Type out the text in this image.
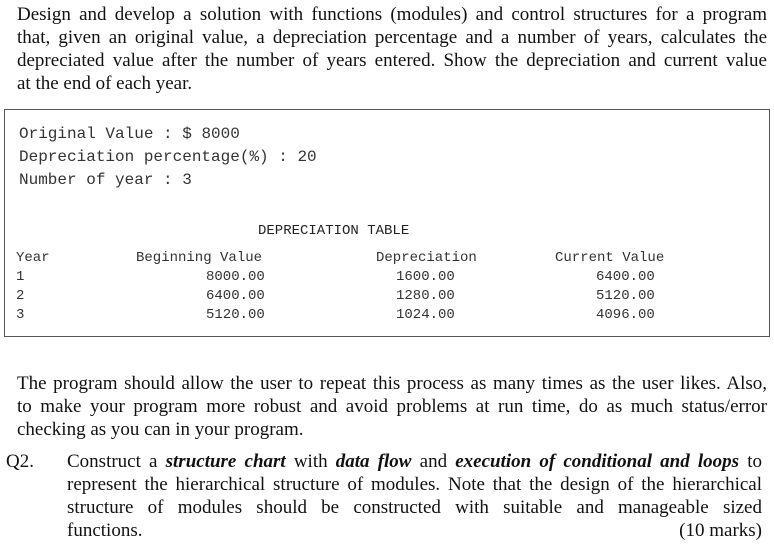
Design and develop a solution with functions (modules) and control structures for a program
that, given an original value, a depreciation percentage and a number of years, calculates the
depreciated value after the number of years entered. Show the depreciation and current value
at the end of each year.
Original Value : $ 8000
Depreciation percentage(%) : 20
Number of year : 3
DEPRECIATION TABLE
Year	Beginning Value	Depreciation	Current Value
1	8000.00	1600.00	6400.00
2	6400.00	1280.00	5120.00
3	5120.00	1024.00	4096.00
The program should allow the user to repeat this process as many times as the user likes. Also,
to make your program more robust and avoid problems at run time, do as much status/error
checking as you can in your program.
Q2. Construct a structure chart with data flow and execution of conditional and loops to
represent the hierarchical structure of modules. Note that the design of the hierarchical
structure of modules should be constructed with suitable and manageable sized
functions.	(10 marks)
